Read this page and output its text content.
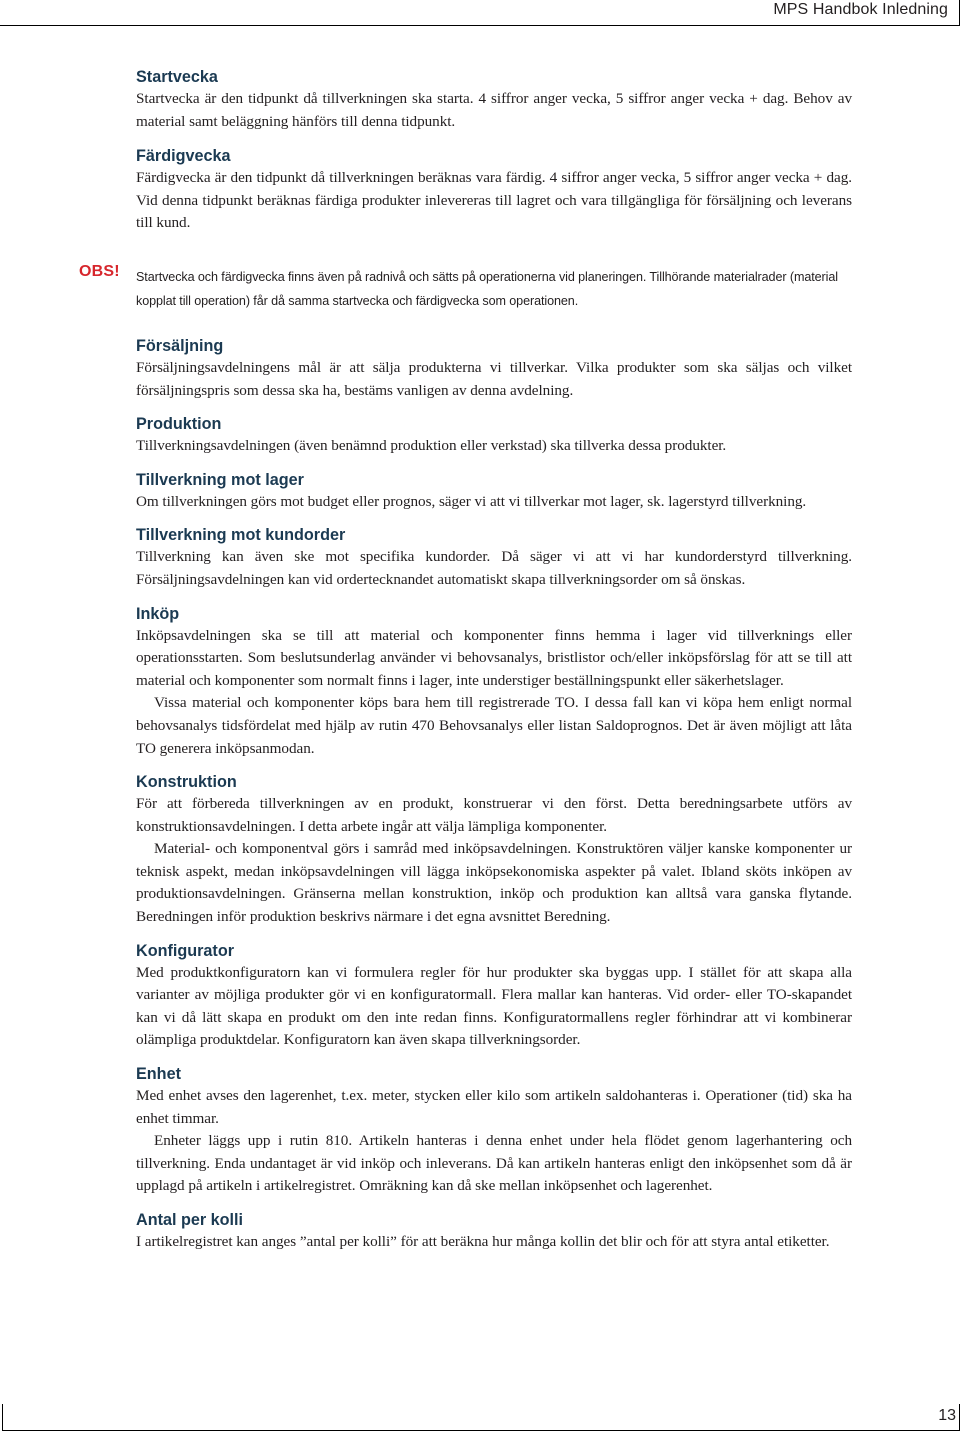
MPS Handbok Inledning
Startvecka

Startvecka är den tidpunkt då tillverkningen ska starta. 4 siffror anger vecka, 5 siffror anger vecka + dag. Behov av material samt beläggning hänförs till denna tidpunkt.

Färdigvecka

Färdigvecka är den tidpunkt då tillverkningen beräknas vara färdig. 4 siffror anger vecka, 5 siffror anger vecka + dag. Vid denna tidpunkt beräknas färdiga produkter inlevereras till lagret och vara tillgängliga för försäljning och leverans till kund.

OBS! Startvecka och färdigvecka finns även på radnivå och sätts på operationerna vid planeringen. Tillhörande materialrader (material kopplat till operation) får då samma startvecka och färdigvecka som operationen.

Försäljning

Försäljningsavdelningens mål är att sälja produkterna vi tillverkar. Vilka produkter som ska säljas och vilket försäljningspris som dessa ska ha, bestäms vanligen av denna avdelning.

Produktion

Tillverkningsavdelningen (även benämnd produktion eller verkstad) ska tillverka dessa produkter.

Tillverkning mot lager

Om tillverkningen görs mot budget eller prognos, säger vi att vi tillverkar mot lager, sk. lagerstyrd tillverkning.

Tillverkning mot kundorder

Tillverkning kan även ske mot specifika kundorder. Då säger vi att vi har kundorderstyrd tillverkning. Försäljningsavdelningen kan vid ordertecknandet automatiskt skapa tillverkningsorder om så önskas.

Inköp

Inköpsavdelningen ska se till att material och komponenter finns hemma i lager vid tillverknings eller operationsstarten. Som beslutsunderlag använder vi behovsanalys, bristlistor och/eller inköpsförslag för att se till att material och komponenter som normalt finns i lager, inte understiger beställningspunkt eller säkerhetslager.

Vissa material och komponenter köps bara hem till registrerade TO. I dessa fall kan vi köpa hem enligt normal behovsanalys tidsfördelat med hjälp av rutin 470 Behovsanalys eller listan Saldoprognos. Det är även möjligt att låta TO generera inköpsanmodan.

Konstruktion

För att förbereda tillverkningen av en produkt, konstruerar vi den först. Detta beredningsarbete utförs av konstruktionsavdelningen. I detta arbete ingår att välja lämpliga komponenter.

Material- och komponentval görs i samråd med inköpsavdelningen. Konstruktören väljer kanske komponenter ur teknisk aspekt, medan inköpsavdelningen vill lägga inköpsekonomiska aspekter på valet. Ibland sköts inköpen av produktionsavdelningen. Gränserna mellan konstruktion, inköp och produktion kan alltså vara ganska flytande. Beredningen inför produktion beskrivs närmare i det egna avsnittet Beredning.

Konfigurator

Med produktkonfiguratorn kan vi formulera regler för hur produkter ska byggas upp. I stället för att skapa alla varianter av möjliga produkter gör vi en konfiguratormall. Flera mallar kan hanteras. Vid order- eller TO-skapandet kan vi då lätt skapa en produkt om den inte redan finns. Konfiguratormallens regler förhindrar att vi kombinerar olämpliga produktdelar. Konfiguratorn kan även skapa tillverkningsorder.

Enhet

Med enhet avses den lagerenhet, t.ex. meter, stycken eller kilo som artikeln saldohanteras i. Operationer (tid) ska ha enhet timmar.

Enheter läggs upp i rutin 810. Artikeln hanteras i denna enhet under hela flödet genom lagerhantering och tillverkning. Enda undantaget är vid inköp och inleverans. Då kan artikeln hanteras enligt den inköpsenhet som då är upplagd på artikeln i artikelregistret. Omräkning kan då ske mellan inköpsenhet och lagerenhet.

Antal per kolli

I artikelregistret kan anges ”antal per kolli” för att beräkna hur många kollin det blir och för att styra antal etiketter.

13
